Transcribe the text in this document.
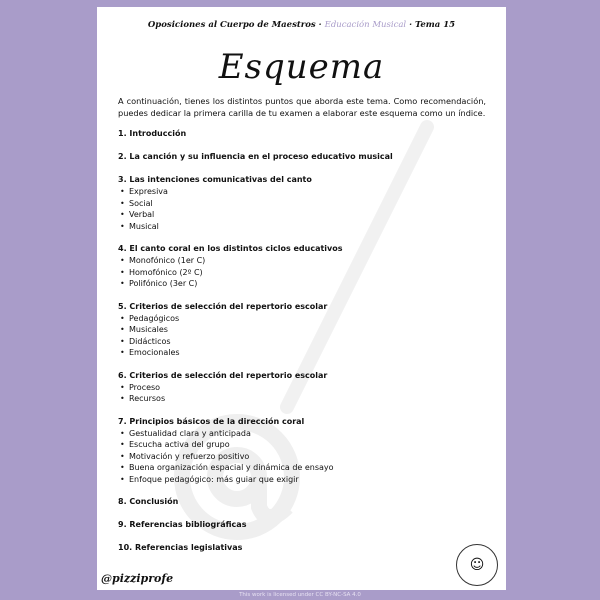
Oposiciones al Cuerpo de Maestros · Educación Musical · Tema 15
Esquema
A continuación, tienes los distintos puntos que aborda este tema. Como recomendación, puedes dedicar la primera carilla de tu examen a elaborar este esquema como un índice.
1. Introducción
2. La canción y su influencia en el proceso educativo musical
3. Las intenciones comunicativas del canto
• Expresiva
• Social
• Verbal
• Musical
4. El canto coral en los distintos ciclos educativos
• Monofónico (1er C)
• Homofónico (2º C)
• Polifónico (3er C)
5. Criterios de selección del repertorio escolar
• Pedagógicos
• Musicales
• Didácticos
• Emocionales
6. Criterios de selección del repertorio escolar
• Proceso
• Recursos
7. Principios básicos de la dirección coral
• Gestualidad clara y anticipada
• Escucha activa del grupo
• Motivación y refuerzo positivo
• Buena organización espacial y dinámica de ensayo
• Enfoque pedagógico: más guiar que exigir
8. Conclusión
9. Referencias bibliográficas
10. Referencias legislativas
@pizziprofe
☺
This work is licensed under CC BY-NC-SA 4.0
